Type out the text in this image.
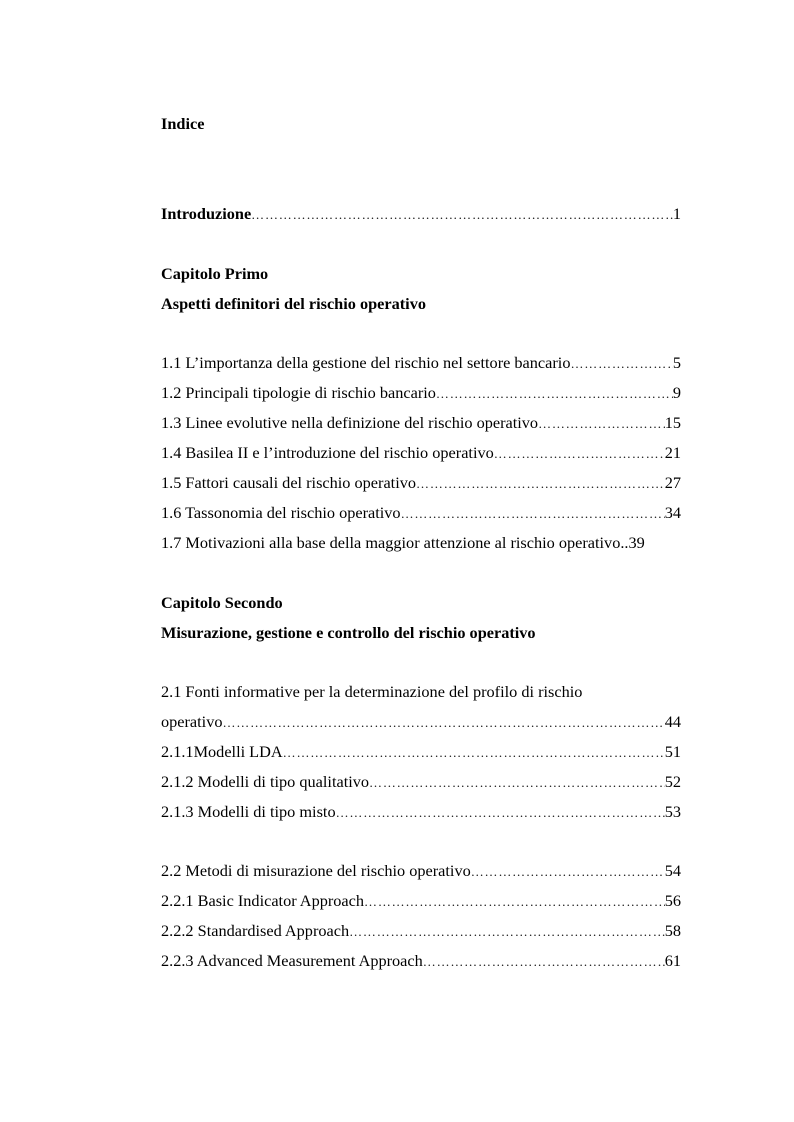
Indice
Introduzione …………………………………………………………………………………………………………………………………………………………………………………	1
Capitolo Primo
Aspetti definitori del rischio operativo
1.1 L’importanza della gestione del rischio nel settore bancario …………………………………………………………………………………………………………………………………………………………………………………	5
1.2 Principali tipologie di rischio bancario …………………………………………………………………………………………………………………………………………………………………………………	9
1.3 Linee evolutive nella definizione del rischio operativo …………………………………………………………………………………………………………………………………………………………………………………	15
1.4 Basilea II e l’introduzione del rischio operativo …………………………………………………………………………………………………………………………………………………………………………………	21
1.5 Fattori causali del rischio operativo …………………………………………………………………………………………………………………………………………………………………………………	27
1.6 Tassonomia del rischio operativo …………………………………………………………………………………………………………………………………………………………………………………	34
1.7 Motivazioni alla base della maggior attenzione al rischio operativo.. 39
Capitolo Secondo
Misurazione, gestione e controllo del rischio operativo
2.1 Fonti informative per la determinazione del profilo di rischio
operativo …………………………………………………………………………………………………………………………………………………………………………………	44
2.1.1Modelli LDA …………………………………………………………………………………………………………………………………………………………………………………	51
2.1.2 Modelli di tipo qualitativo …………………………………………………………………………………………………………………………………………………………………………………	52
2.1.3 Modelli di tipo misto …………………………………………………………………………………………………………………………………………………………………………………	53
2.2 Metodi di misurazione del rischio operativo …………………………………………………………………………………………………………………………………………………………………………………	54
2.2.1 Basic Indicator Approach …………………………………………………………………………………………………………………………………………………………………………………	56
2.2.2 Standardised Approach …………………………………………………………………………………………………………………………………………………………………………………	58
2.2.3 Advanced Measurement Approach …………………………………………………………………………………………………………………………………………………………………………………	61
